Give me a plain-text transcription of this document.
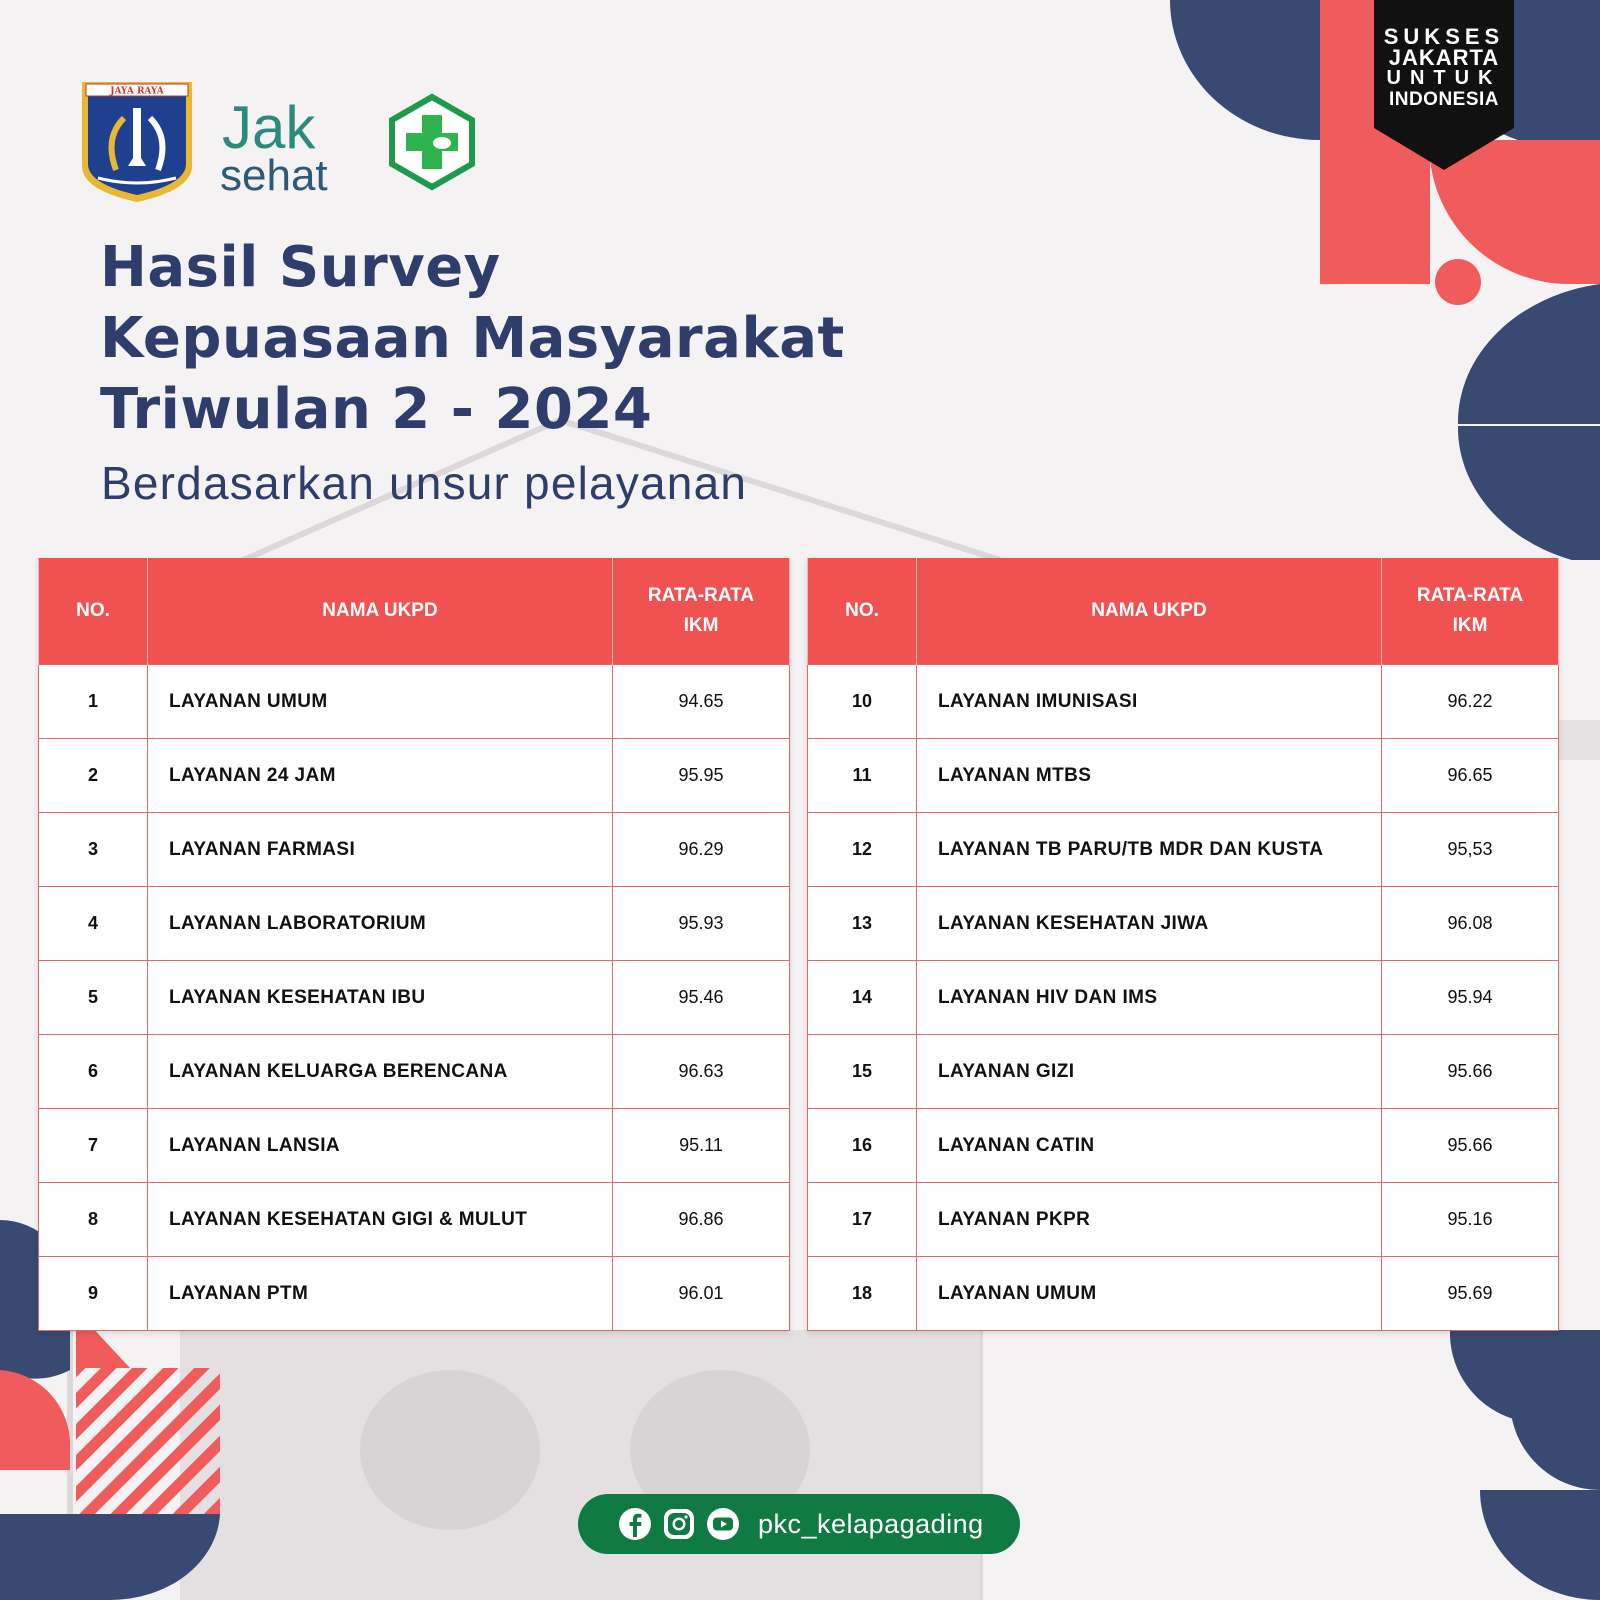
SUKSES
JAKARTA
UNTUK
INDONESIA
JAYA RAYA
Jak
sehat
Hasil Survey
Kepuasaan Masyarakat
Triwulan 2 - 2024
Berdasarkan unsur pelayanan
NO.	NAMA UKPD	RATA-RATA
IKM

1	LAYANAN UMUM	94.65
2	LAYANAN 24 JAM	95.95
3	LAYANAN FARMASI	96.29
4	LAYANAN LABORATORIUM	95.93
5	LAYANAN KESEHATAN IBU	95.46
6	LAYANAN KELUARGA BERENCANA	96.63
7	LAYANAN LANSIA	95.11
8	LAYANAN KESEHATAN GIGI & MULUT	96.86
9	LAYANAN PTM	96.01
NO.	NAMA UKPD	RATA-RATA
IKM

10	LAYANAN IMUNISASI	96.22
11	LAYANAN MTBS	96.65
12	LAYANAN TB PARU/TB MDR DAN KUSTA	95,53
13	LAYANAN KESEHATAN JIWA	96.08
14	LAYANAN HIV DAN IMS	95.94
15	LAYANAN GIZI	95.66
16	LAYANAN CATIN	95.66
17	LAYANAN PKPR	95.16
18	LAYANAN UMUM	95.69
pkc_kelapagading
